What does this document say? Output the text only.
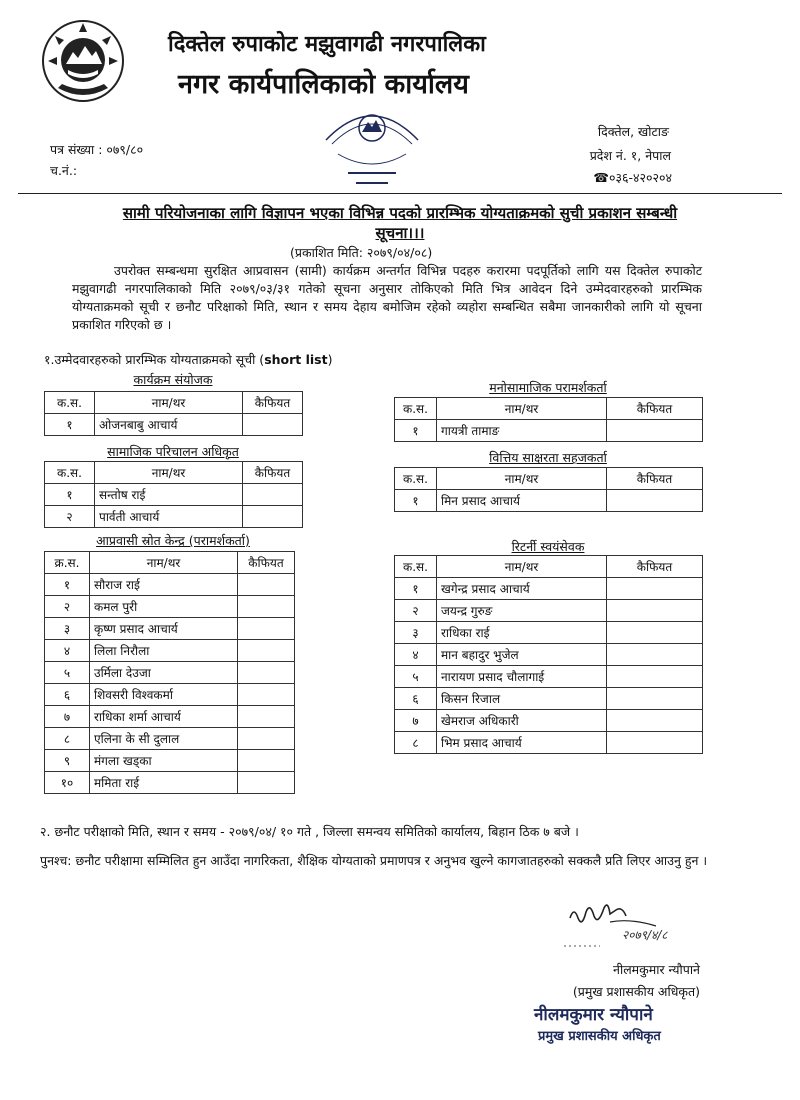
दिक्तेल रुपाकोट मझुवागढी नगरपालिका
नगर कार्यपालिकाको कार्यालय
पत्र संख्या : ०७९/८०
च.नं.:
दिक्तेल, खोटाङ
प्रदेश नं. १, नेपाल
☎०३६-४२०२०४
सामी परियोजनाका लागि विज्ञापन भएका विभिन्न पदको प्रारम्भिक योग्यताक्रमको सुची प्रकाशन सम्बन्धी
सूचना।।।
(प्रकाशित मिति: २०७९/०४/०८)
उपरोक्त सम्बन्धमा सुरक्षित आप्रवासन (सामी) कार्यक्रम अन्तर्गत विभिन्न पदहरु करारमा पदपूर्तिको लागि यस दिक्तेल रुपाकोट मझुवागढी नगरपालिकाको मिति २०७९/०३/३१ गतेको सूचना अनुसार तोकिएको मिति भित्र आवेदन दिने उम्मेदवारहरुको प्रारम्भिक योग्यताक्रमको सूची र छनौट परिक्षाको मिति, स्थान र समय देहाय बमोजिम रहेको व्यहोरा सम्बन्धित सबैमा जानकारीको लागि यो सूचना प्रकाशित गरिएको छ ।
१.उम्मेदवारहरुको प्रारम्भिक योग्यताक्रमको सूची (short list)
कार्यक्रम संयोजक
क.स.	नाम/थर	कैफियत
१	ओजनबाबु आचार्य	
सामाजिक परिचालन अधिकृत
क.स.	नाम/थर	कैफियत
१	सन्तोष राई	
२	पार्वती आचार्य	
आप्रवासी स्रोत केन्द्र (परामर्शकर्ता)
क्र.स.	नाम/थर	कैफियत
१	सौराज राई	
२	कमल पुरी	
३	कृष्ण प्रसाद आचार्य	
४	लिला निरौला	
५	उर्मिला देउजा	
६	शिवसरी विश्वकर्मा	
७	राधिका शर्मा आचार्य	
८	एलिना के सी दुलाल	
९	मंगला खड्का	
१०	ममिता राई	
मनोसामाजिक परामर्शकर्ता
क.स.	नाम/थर	कैफियत
१	गायत्री तामाङ	
वित्तिय साक्षरता सहजकर्ता
क.स.	नाम/थर	कैफियत
१	मिन प्रसाद आचार्य	
रिटर्नी स्वयंसेवक
क.स.	नाम/थर	कैफियत
१	खगेन्द्र प्रसाद आचार्य	
२	जयन्द्र गुरुङ	
३	राधिका राई	
४	मान बहादुर भुजेल	
५	नारायण प्रसाद चौलागाई	
६	किसन रिजाल	
७	खेमराज अधिकारी	
८	भिम प्रसाद आचार्य	
२. छनौट परीक्षाको मिति, स्थान र समय - २०७९/०४/ १० गते , जिल्ला समन्वय समितिको कार्यालय, बिहान ठिक ७ बजे ।
पुनश्च: छनौट परीक्षामा सम्मिलित हुन आउँदा नागरिकता, शैक्षिक योग्यताको प्रमाणपत्र र अनुभव खुल्ने कागजातहरुको सक्कलै प्रति लिएर आउनु हुन ।
२०७९/४/८
नीलमकुमार न्यौपाने
(प्रमुख प्रशासकीय अधिकृत)
नीलमकुमार न्यौपाने
प्रमुख प्रशासकीय अधिकृत
